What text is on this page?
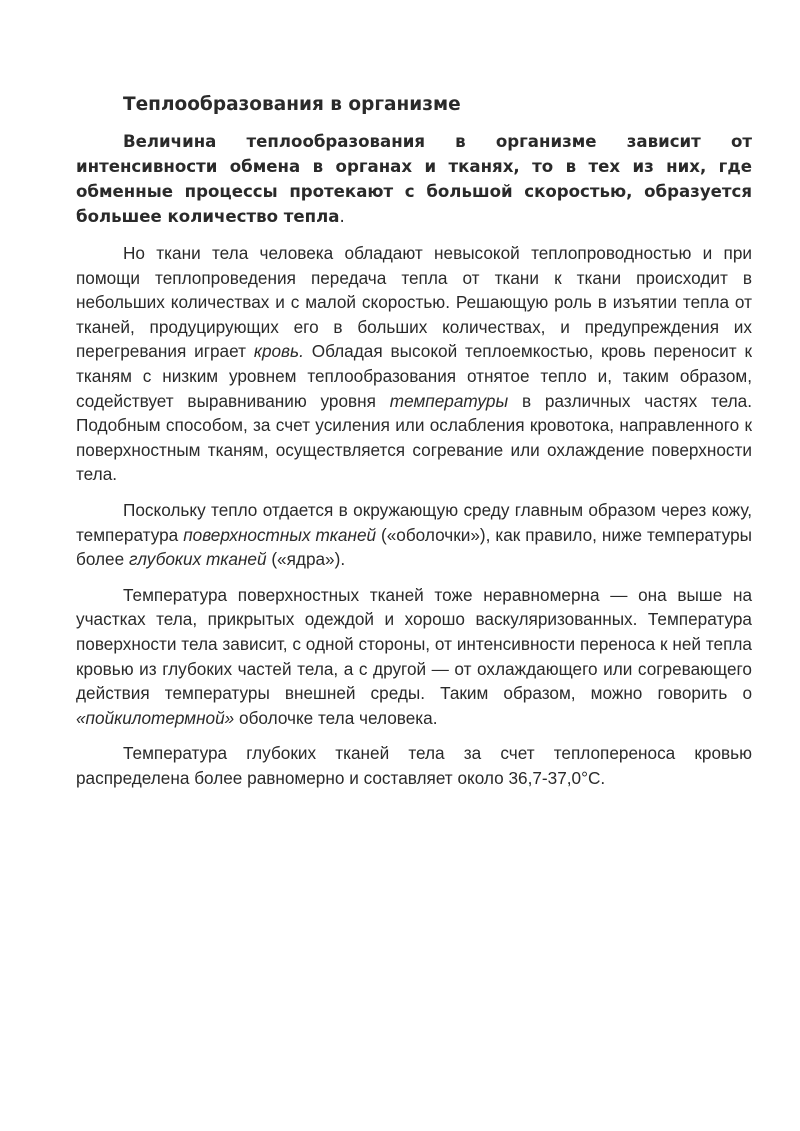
Теплообразования в организме

Величина теплообразования в организме зависит от интенсивности обмена в органах и тканях, то в тех из них, где обменные процессы протекают с большой скоростью, образуется большее количество тепла.

Но ткани тела человека обладают невысокой теплопроводностью и при помощи теплопроведения передача тепла от ткани к ткани происходит в небольших количествах и с малой скоростью. Решающую роль в изъятии тепла от тканей, продуцирующих его в больших количествах, и предупреждения их перегревания играет кровь. Обладая высокой теплоемкостью, кровь переносит к тканям с низким уровнем теплообразования отнятое тепло и, таким образом, содействует выравниванию уровня температуры в различных частях тела. Подобным способом, за счет усиления или ослабления кровотока, направленного к поверхностным тканям, осуществляется согревание или охлаждение поверхности тела.

Поскольку тепло отдается в окружающую среду главным образом через кожу, температура поверхностных тканей («оболочки»), как правило, ниже температуры более глубоких тканей («ядра»).

Температура поверхностных тканей тоже неравномерна — она выше на участках тела, прикрытых одеждой и хорошо васкуляризованных. Температура поверхности тела зависит, с одной стороны, от интенсивности переноса к ней тепла кровью из глубоких частей тела, а с другой — от охлаждающего или согревающего действия температуры внешней среды. Таким образом, можно говорить о «пойкилотермной» оболочке тела человека.

Температура глубоких тканей тела за счет теплопереноса кровью распределена более равномерно и составляет около 36,7-37,0°С.
